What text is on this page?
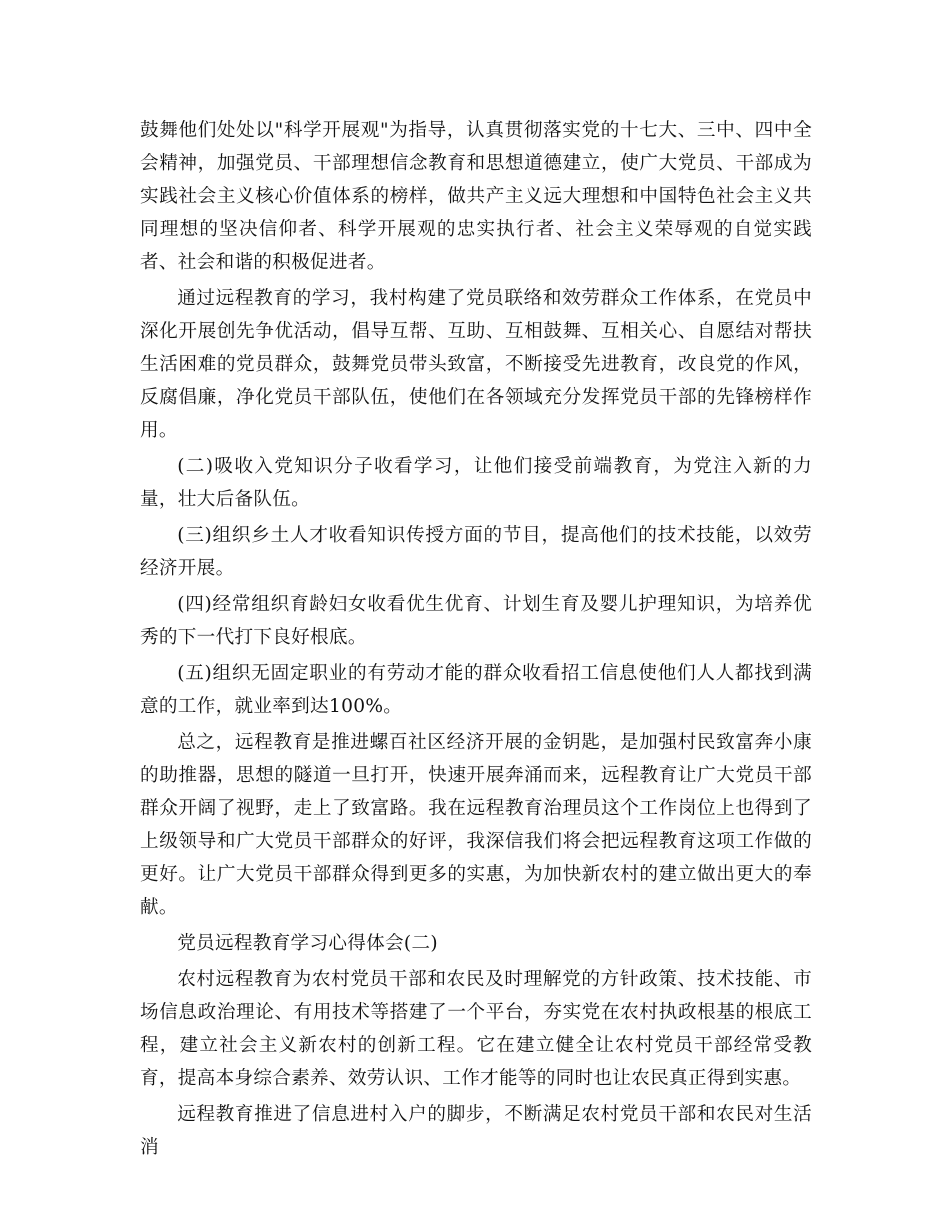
鼓舞他们处处以"科学开展观"为指导，认真贯彻落实党的十七大、三中、四中全会精神，加强党员、干部理想信念教育和思想道德建立，使广大党员、干部成为实践社会主义核心价值体系的榜样，做共产主义远大理想和中国特色社会主义共同理想的坚决信仰者、科学开展观的忠实执行者、社会主义荣辱观的自觉实践者、社会和谐的积极促进者。

通过远程教育的学习，我村构建了党员联络和效劳群众工作体系，在党员中深化开展创先争优活动，倡导互帮、互助、互相鼓舞、互相关心、自愿结对帮扶生活困难的党员群众，鼓舞党员带头致富，不断接受先进教育，改良党的作风，反腐倡廉，净化党员干部队伍，使他们在各领域充分发挥党员干部的先锋榜样作用。

(二)吸收入党知识分子收看学习，让他们接受前端教育，为党注入新的力量，壮大后备队伍。

(三)组织乡土人才收看知识传授方面的节目，提高他们的技术技能，以效劳经济开展。

(四)经常组织育龄妇女收看优生优育、计划生育及婴儿护理知识，为培养优秀的下一代打下良好根底。

(五)组织无固定职业的有劳动才能的群众收看招工信息使他们人人都找到满意的工作，就业率到达100%。

总之，远程教育是推进螺百社区经济开展的金钥匙，是加强村民致富奔小康的助推器，思想的隧道一旦打开，快速开展奔涌而来，远程教育让广大党员干部群众开阔了视野，走上了致富路。我在远程教育治理员这个工作岗位上也得到了上级领导和广大党员干部群众的好评，我深信我们将会把远程教育这项工作做的更好。让广大党员干部群众得到更多的实惠，为加快新农村的建立做出更大的奉献。

党员远程教育学习心得体会(二)

农村远程教育为农村党员干部和农民及时理解党的方针政策、技术技能、市场信息政治理论、有用技术等搭建了一个平台，夯实党在农村执政根基的根底工程，建立社会主义新农村的创新工程。它在建立健全让农村党员干部经常受教育，提高本身综合素养、效劳认识、工作才能等的同时也让农民真正得到实惠。

远程教育推进了信息进村入户的脚步，不断满足农村党员干部和农民对生活消
